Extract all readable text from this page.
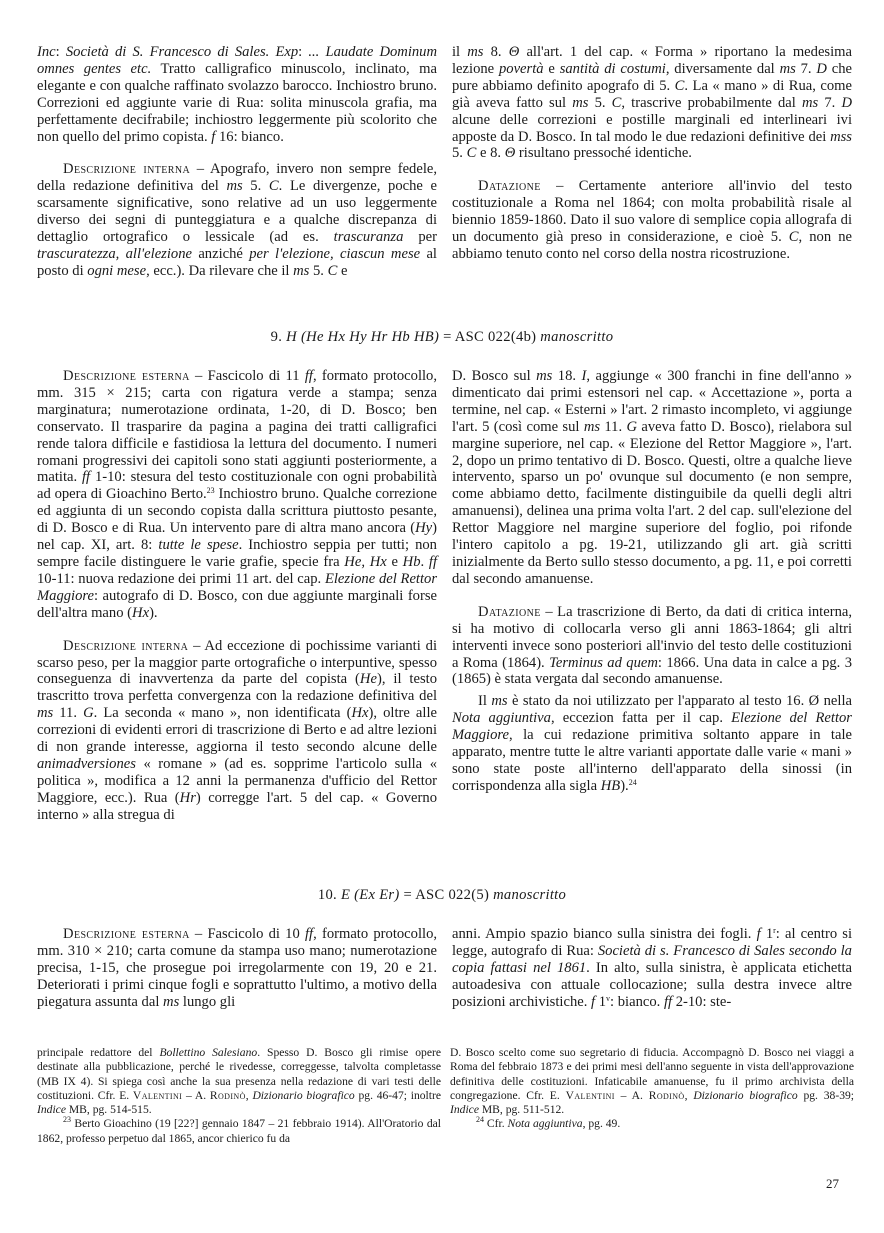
Inc: Società di S. Francesco di Sales. Exp: ... Laudate Dominum omnes gentes etc. Tratto calligrafico minuscolo, inclinato, ma elegante e con qualche raffinato svolazzo barocco. Inchiostro bruno. Correzioni ed aggiunte varie di Rua: solita minuscola grafia, ma perfettamente decifrabile; inchiostro leggermente più scolorito che non quello del primo copista. f 16: bianco.

Descrizione interna – Apografo, invero non sempre fedele, della redazione definitiva del ms 5. C. Le divergenze, poche e scarsamente significative, sono relative ad un uso leggermente diverso dei segni di punteggiatura e a qualche discrepanza di dettaglio ortografico o lessicale (ad es. trascuranza per trascuratezza, all'elezione anziché per l'elezione, ciascun mese al posto di ogni mese, ecc.). Da rilevare che il ms 5. C e

il ms 8. Θ all'art. 1 del cap. « Forma » riportano la medesima lezione povertà e santità di costumi, diversamente dal ms 7. D che pure abbiamo definito apografo di 5. C. La « mano » di Rua, come già aveva fatto sul ms 5. C, trascrive probabilmente dal ms 7. D alcune delle correzioni e postille marginali ed interlineari ivi apposte da D. Bosco. In tal modo le due redazioni definitive dei mss 5. C e 8. Θ risultano pressoché identiche.

Datazione – Certamente anteriore all'invio del testo costituzionale a Roma nel 1864; con molta probabilità risale al biennio 1859-1860. Dato il suo valore di semplice copia allografa di un documento già preso in considerazione, e cioè 5. C, non ne abbiamo tenuto conto nel corso della nostra ricostruzione.

9. H (He Hx Hy Hr Hb HB) = ASC 022(4b) manoscritto

Descrizione esterna – Fascicolo di 11 ff, formato protocollo, mm. 315 × 215; carta con rigatura verde a stampa; senza marginatura; numerotazione ordinata, 1-20, di D. Bosco; ben conservato. Il trasparire da pagina a pagina dei tratti calligrafici rende talora difficile e fastidiosa la lettura del documento. I numeri romani progressivi dei capitoli sono stati aggiunti posteriormente, a matita. ff 1-10: stesura del testo costituzionale con ogni probabilità ad opera di Gioachino Berto.$^{23}$ Inchiostro bruno. Qualche correzione ed aggiunta di un secondo copista dalla scrittura piuttosto pesante, di D. Bosco e di Rua. Un intervento pare di altra mano ancora (Hy) nel cap. XI, art. 8: tutte le spese. Inchiostro seppia per tutti; non sempre facile distinguere le varie grafie, specie fra He, Hx e Hb. ff 10-11: nuova redazione dei primi 11 art. del cap. Elezione del Rettor Maggiore: autografo di D. Bosco, con due aggiunte marginali forse dell'altra mano (Hx).

Descrizione interna – Ad eccezione di pochissime varianti di scarso peso, per la maggior parte ortografiche o interpuntive, spesso conseguenza di inavvertenza da parte del copista (He), il testo trascritto trova perfetta convergenza con la redazione definitiva del ms 11. G. La seconda « mano », non identificata (Hx), oltre alle correzioni di evidenti errori di trascrizione di Berto e ad altre lezioni di non grande interesse, aggiorna il testo secondo alcune delle animadversiones « romane » (ad es. sopprime l'articolo sulla « politica », modifica a 12 anni la permanenza d'ufficio del Rettor Maggiore, ecc.). Rua (Hr) corregge l'art. 5 del cap. « Governo interno » alla stregua di

D. Bosco sul ms 18. I, aggiunge « 300 franchi in fine dell'anno » dimenticato dai primi estensori nel cap. « Accettazione », porta a termine, nel cap. « Esterni » l'art. 2 rimasto incompleto, vi aggiunge l'art. 5 (così come sul ms 11. G aveva fatto D. Bosco), rielabora sul margine superiore, nel cap. « Elezione del Rettor Maggiore », l'art. 2, dopo un primo tentativo di D. Bosco. Questi, oltre a qualche lieve intervento, sparso un po' ovunque sul documento (e non sempre, come abbiamo detto, facilmente distinguibile da quelli degli altri amanuensi), delinea una prima volta l'art. 2 del cap. sull'elezione del Rettor Maggiore nel margine superiore del foglio, poi rifonde l'intero capitolo a pg. 19-21, utilizzando gli art. già scritti inizialmente da Berto sullo stesso documento, a pg. 11, e poi corretti dal secondo amanuense.

Datazione – La trascrizione di Berto, da dati di critica interna, si ha motivo di collocarla verso gli anni 1863-1864; gli altri interventi invece sono posteriori all'invio del testo delle costituzioni a Roma (1864). Terminus ad quem: 1866. Una data in calce a pg. 3 (1865) è stata vergata dal secondo amanuense.

Il ms è stato da noi utilizzato per l'apparato al testo 16. Ø nella Nota aggiuntiva, eccezion fatta per il cap. Elezione del Rettor Maggiore, la cui redazione primitiva soltanto appare in tale apparato, mentre tutte le altre varianti apportate dalle varie « mani » sono state poste all'interno dell'apparato della sinossi (in corrispondenza alla sigla HB).$^{24}$

10. E (Ex Er) = ASC 022(5) manoscritto

Descrizione esterna – Fascicolo di 10 ff, formato protocollo, mm. 310 × 210; carta comune da stampa uso mano; numerotazione precisa, 1-15, che prosegue poi irregolarmente con 19, 20 e 21. Deteriorati i primi cinque fogli e soprattutto l'ultimo, a motivo della piegatura assunta dal ms lungo gli

anni. Ampio spazio bianco sulla sinistra dei fogli. f 1$^r$: al centro si legge, autografo di Rua: Società di s. Francesco di Sales secondo la copia fattasi nel 1861. In alto, sulla sinistra, è applicata etichetta autoadesiva con attuale collocazione; sulla destra invece altre posizioni archivistiche. f 1$^v$: bianco. ff 2-10: ste-

principale redattore del Bollettino Salesiano. Spesso D. Bosco gli rimise opere destinate alla pubblicazione, perché le rivedesse, correggesse, talvolta completasse (MB IX 4). Si spiega così anche la sua presenza nella redazione di vari testi delle costituzioni. Cfr. E. Valentini – A. Rodinò, Dizionario biografico pg. 46-47; inoltre Indice MB, pg. 514-515.

$^{23}$ Berto Gioachino (19 [22?] gennaio 1847 – 21 febbraio 1914). All'Oratorio dal 1862, professo perpetuo dal 1865, ancor chierico fu da

D. Bosco scelto come suo segretario di fiducia. Accompagnò D. Bosco nei viaggi a Roma del febbraio 1873 e dei primi mesi dell'anno seguente in vista dell'approvazione definitiva delle costituzioni. Infaticabile amanuense, fu il primo archivista della congregazione. Cfr. E. Valentini – A. Rodinò, Dizionario biografico pg. 38-39; Indice MB, pg. 511-512.

$^{24}$ Cfr. Nota aggiuntiva, pg. 49.

27
